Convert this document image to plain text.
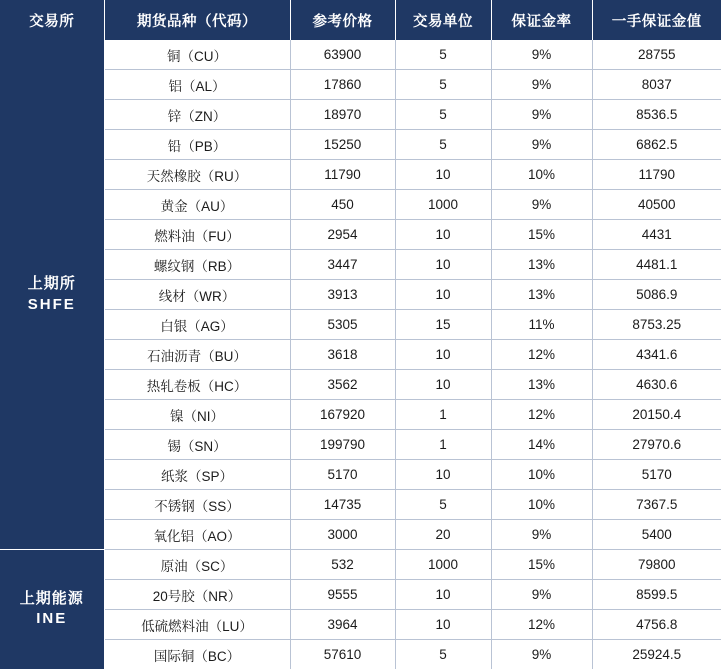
交易所	期货品种（代码）	参考价格	交易单位	保证金率	一手保证金值
上期所
SHFE	铜（CU）	63900	5	9%	28755
	铝（AL）	17860	5	9%	8037
	锌（ZN）	18970	5	9%	8536.5
	铅（PB）	15250	5	9%	6862.5
	天然橡胶（RU）	11790	10	10%	11790
	黄金（AU）	450	1000	9%	40500
	燃料油（FU）	2954	10	15%	4431
	螺纹钢（RB）	3447	10	13%	4481.1
	线材（WR）	3913	10	13%	5086.9
	白银（AG）	5305	15	11%	8753.25
	石油沥青（BU）	3618	10	12%	4341.6
	热轧卷板（HC）	3562	10	13%	4630.6
	镍（NI）	167920	1	12%	20150.4
	锡（SN）	199790	1	14%	27970.6
	纸浆（SP）	5170	10	10%	5170
	不锈钢（SS）	14735	5	10%	7367.5
	氧化铝（AO）	3000	20	9%	5400
上期能源
INE	原油（SC）	532	1000	15%	79800
	20号胶（NR）	9555	10	9%	8599.5
	低硫燃料油（LU）	3964	10	12%	4756.8
	国际铜（BC）	57610	5	9%	25924.5
